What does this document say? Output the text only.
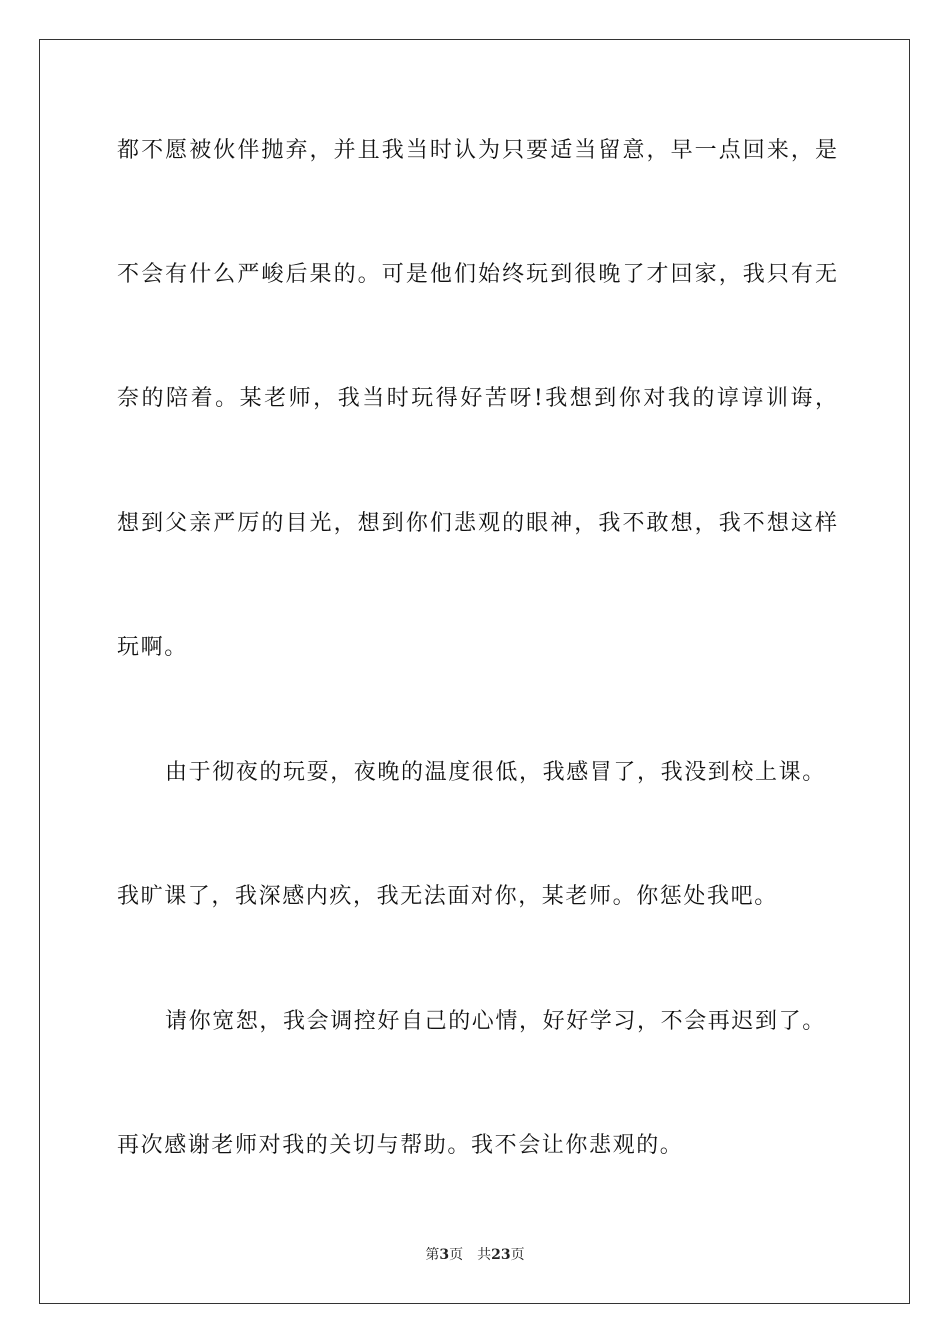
都不愿被伙伴抛弃，并且我当时认为只要适当留意，早一点回来，是
不会有什么严峻后果的。可是他们始终玩到很晚了才回家，我只有无
奈的陪着。某老师，我当时玩得好苦呀!我想到你对我的谆谆训诲，
想到父亲严厉的目光，想到你们悲观的眼神，我不敢想，我不想这样
玩啊。
由于彻夜的玩耍，夜晚的温度很低，我感冒了，我没到校上课。
我旷课了，我深感内疚，我无法面对你，某老师。你惩处我吧。
请你宽恕，我会调控好自己的心情，好好学习，不会再迟到了。
再次感谢老师对我的关切与帮助。我不会让你悲观的。
第3页 共23页
